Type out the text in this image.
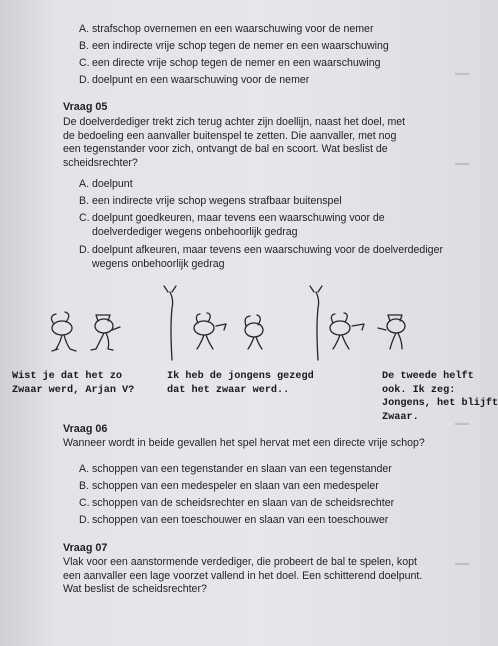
▬▬
▬▬
▬▬
▬▬
A. strafschop overnemen en een waarschuwing voor de nemer
B. een indirecte vrije schop tegen de nemer en een waarschuwing
C. een directe vrije schop tegen de nemer en een waarschuwing
D. doelpunt en een waarschuwing voor de nemer
Vraag 05
De doelverdediger trekt zich terug achter zijn doellijn, naast het doel, met de bedoeling een aanvaller buitenspel te zetten. Die aanvaller, met nog een tegenstander voor zich, ontvangt de bal en scoort. Wat beslist de scheidsrechter?
A. doelpunt
B. een indirecte vrije schop wegens strafbaar buitenspel
C. doelpunt goedkeuren, maar tevens een waarschuwing voor de
doelverdediger wegens onbehoorlijk gedrag
D. doelpunt afkeuren, maar tevens een waarschuwing voor de doelverdediger
wegens onbehoorlijk gedrag
Wist je dat het zo
Zwaar werd, Arjan V?
Ik heb de jongens gezegd
dat het zwaar werd..
De tweede helft
ook. Ik zeg:
Jongens, het blijft
Zwaar.
Vraag 06
Wanneer wordt in beide gevallen het spel hervat met een directe vrije schop?
A. schoppen van een tegenstander en slaan van een tegenstander
B. schoppen van een medespeler en slaan van een medespeler
C. schoppen van de scheidsrechter en slaan van de scheidsrechter
D. schoppen van een toeschouwer en slaan van een toeschouwer
Vraag 07
Vlak voor een aanstormende verdediger, die probeert de bal te spelen, kopt een aanvaller een lage voorzet vallend in het doel. Een schitterend doelpunt. Wat beslist de scheidsrechter?
